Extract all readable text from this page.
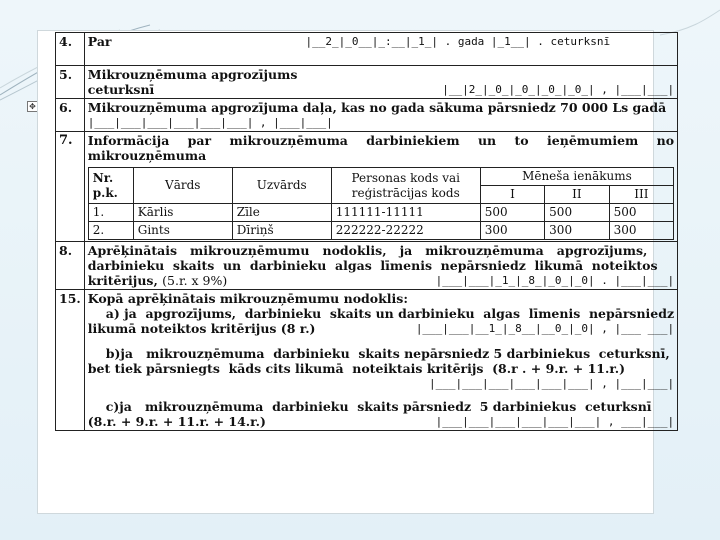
✥
4.	Par	|__2_|_0__|_:__|_1_| . gada |_1__| . ceturksnī

5.	Mikrouzņēmuma apgrozījums
ceturksnī	|__|2_|_0_|_0_|_0_|_0_| , |___|___|

6.	Mikrouzņēmuma apgrozījuma daļa, kas no gada sākuma pārsniedz 70 000 Ls gadā
|___|___|___|___|___|___| , |___|___|

7.	Informācija par mikrouzņēmuma darbiniekiem un to ieņēmumiem no
mikrouzņēmuma
Nr. p.k.	Vārds	Uzvārds	Personas kods vai reģistrācijas kods	Mēneša ienākums
I	II	III
1.	Kārlis	Zīle	111111-11111	500	500	500
2.	Gints	Dīriņš	222222-22222	300	300	300

8.	Aprēķinātais   mikrouzņēmumu   nodoklis,   ja   mikrouzņēmuma   apgrozījums,
darbinieku  skaits  un  darbinieku  algas  līmenis  nepārsniedz  likumā  noteiktos
kritērijus, (5.r. x 9%)	|___|___|_1_|_8_|_0_|_0| . |___|___|

15.	Kopā aprēķinātais mikrouzņēmumu nodoklis:
a) ja  apgrozījums,  darbinieku  skaits un darbinieku  algas  līmenis  nepārsniedz
likumā noteiktos kritērijus (8 r.)	|___|___|__1_|_8__|__0_|_0| , |___ ___|
b)ja   mikrouzņēmuma  darbinieku  skaits nepārsniedz 5 darbiniekus  ceturksnī,
bet tiek pārsniegts  kāds cits likumā  noteiktais kritērijs  (8.r . + 9.r. + 11.r.)
|___|___|___|___|___|___| , |___|___|
c)ja   mikrouzņēmuma  darbinieku  skaits pārsniedz  5 darbiniekus  ceturksnī
(8.r. + 9.r. + 11.r. + 14.r.)	|___|___|___|___|___|___| , ___|___|
